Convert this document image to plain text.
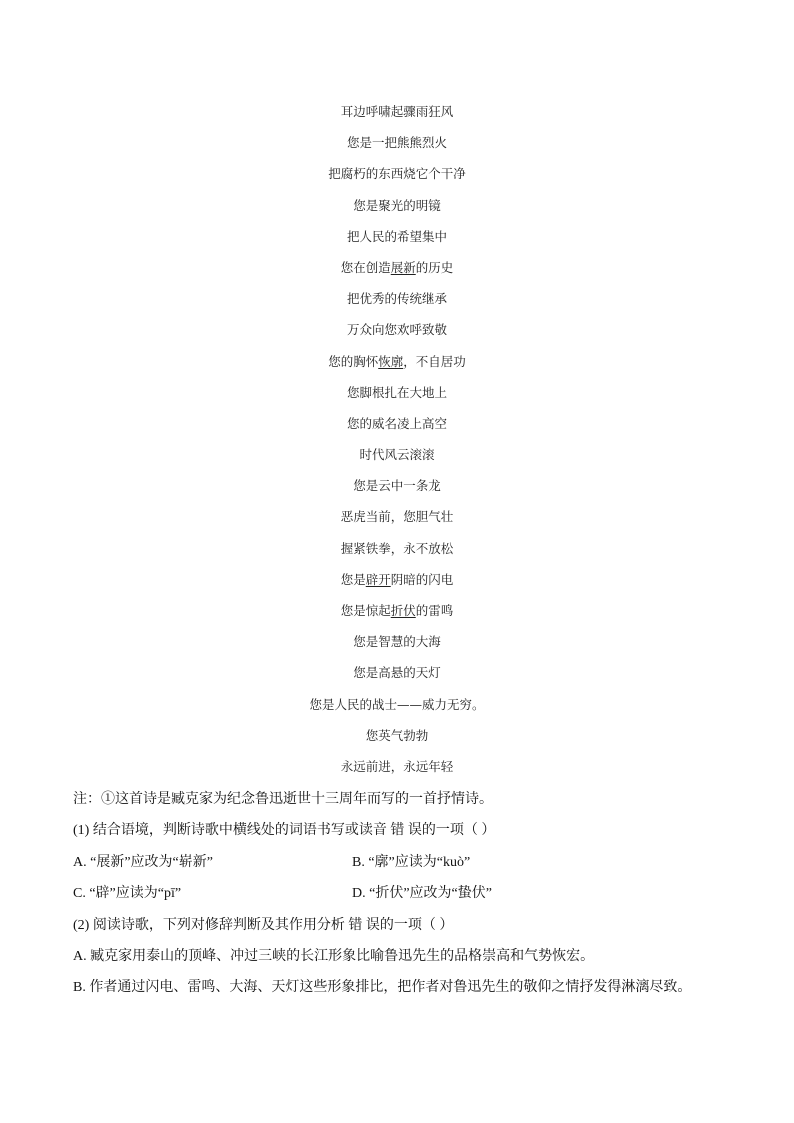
耳边呼啸起骤雨狂风
您是一把熊熊烈火
把腐朽的东西烧它个干净
您是聚光的明镜
把人民的希望集中
您在创造展新的历史
把优秀的传统继承
万众向您欢呼致敬
您的胸怀恢廓，不自居功
您脚根扎在大地上
您的威名凌上高空
时代风云滚滚
您是云中一条龙
恶虎当前，您胆气壮
握紧铁拳，永不放松
您是辟开阴暗的闪电
您是惊起折伏的雷鸣
您是智慧的大海
您是高悬的天灯
您是人民的战士——威力无穷。
您英气勃勃
永远前进，永远年轻
注：①这首诗是臧克家为纪念鲁迅逝世十三周年而写的一首抒情诗。
(1) 结合语境，判断诗歌中横线处的词语书写或读音 错 误的一项（ ）
A. “展新”应改为“崭新”	B. “廓”应读为“kuò”
C. “辟”应读为“pī”	D. “折伏”应改为“蛰伏”
(2) 阅读诗歌，下列对修辞判断及其作用分析 错 误的一项（ ）
A. 臧克家用泰山的顶峰、冲过三峡的长江形象比喻鲁迅先生的品格崇高和气势恢宏。
B. 作者通过闪电、雷鸣、大海、天灯这些形象排比，把作者对鲁迅先生的敬仰之情抒发得淋漓尽致。
